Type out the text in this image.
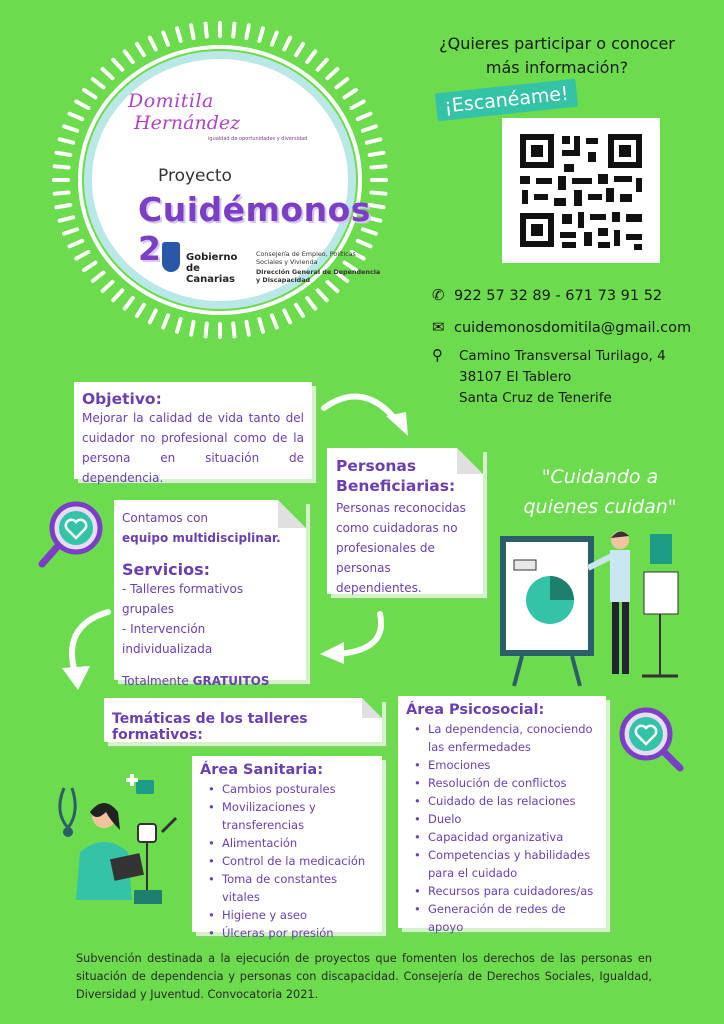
Domitila
Hernández
igualdad de oportunidades y diversidad
Proyecto
Cuidémonos 2	Gobierno de Canarias
Consejería de Empleo, Políticas Sociales y Vivienda
Dirección General de Dependencia y Discapacidad
¿Quieres participar o conocer más información?
¡Escanéame!
✆ 922 57 32 89 - 671 73 91 52
✉ cuidemonosdomitila@gmail.com
⚲	Camino Transversal Turilago, 4
38107 El Tablero
Santa Cruz de Tenerife
Objetivo:
Mejorar la calidad de vida tanto del cuidador no profesional como de la persona en situación de dependencia.
Personas
Beneficiarias:
Personas reconocidas como cuidadoras no profesionales de personas dependientes.
Contamos con
equipo multidisciplinar.
Servicios:
- Talleres formativos grupales
- Intervención individualizada
Totalmente GRATUITOS
"Cuidando a quienes cuidan"
Temáticas de los talleres formativos:
Área Sanitaria:
• Cambios posturales
• Movilizaciones y transferencias
• Alimentación
• Control de la medicación
• Toma de constantes vitales
• Higiene y aseo
• Úlceras por presión
Área Psicosocial:
• La dependencia, conociendo las enfermedades
• Emociones
• Resolución de conflictos
• Cuidado de las relaciones
• Duelo
• Capacidad organizativa
• Competencias y habilidades para el cuidado
• Recursos para cuidadores/as
• Generación de redes de apoyo
Subvención destinada a la ejecución de proyectos que fomenten los derechos de las personas en situación de dependencia y personas con discapacidad. Consejería de Derechos Sociales, Igualdad, Diversidad y Juventud. Convocatoria 2021.
